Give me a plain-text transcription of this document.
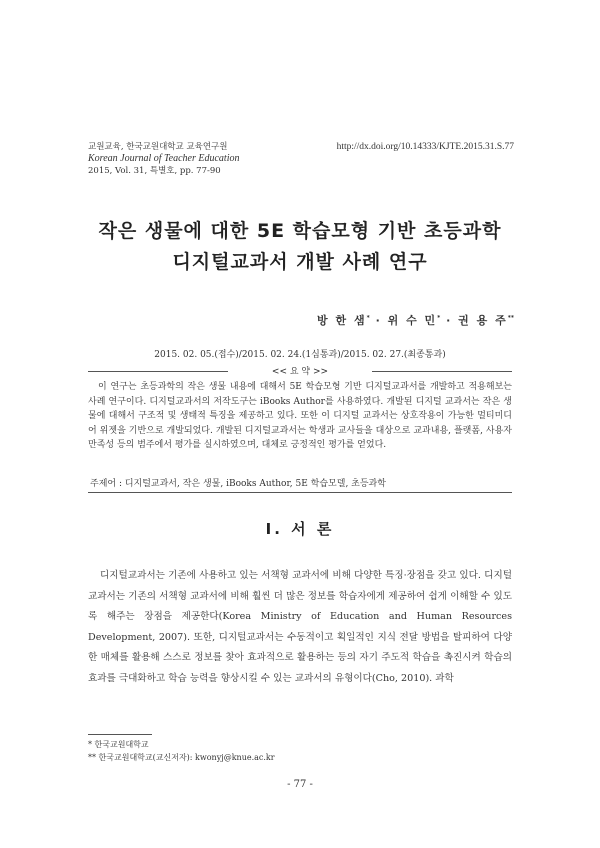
교원교육, 한국교원대학교 교육연구원
Korean Journal of Teacher Education
2015, Vol. 31, 특별호, pp. 77-90
http://dx.doi.org/10.14333/KJTE.2015.31.S.77
작은 생물에 대한 5E 학습모형 기반 초등과학
디지털교과서 개발 사례 연구
방 한 샘* · 위 수 민* · 권 용 주**
2015. 02. 05.(접수)/2015. 02. 24.(1심통과)/2015. 02. 27.(최종통과)
<< 요 약 >>
이 연구는 초등과학의 작은 생물 내용에 대해서 5E 학습모형 기반 디지털교과서를 개발하고 적용해보는 사례 연구이다. 디지털교과서의 저작도구는 iBooks Author를 사용하였다. 개발된 디지털 교과서는 작은 생물에 대해서 구조적 및 생태적 특징을 제공하고 있다. 또한 이 디지털 교과서는 상호작용이 가능한 멀티미디어 위젯을 기반으로 개발되었다. 개발된 디지털교과서는 학생과 교사들을 대상으로 교과내용, 플랫폼, 사용자 만족성 등의 범주에서 평가를 실시하였으며, 대체로 긍정적인 평가를 얻었다.
주제어 : 디지털교과서, 작은 생물, iBooks Author, 5E 학습모델, 초등과학
Ⅰ. 서 론
디지털교과서는 기존에 사용하고 있는 서책형 교과서에 비해 다양한 특징·장점을 갖고 있다. 디지털교과서는 기존의 서책형 교과서에 비해 훨씬 더 많은 정보를 학습자에게 제공하여 쉽게 이해할 수 있도록 해주는 장점을 제공한다(Korea Ministry of Education and Human Resources Development, 2007). 또한, 디지털교과서는 수동적이고 획일적인 지식 전달 방법을 탈피하여 다양한 매체를 활용해 스스로 정보를 찾아 효과적으로 활용하는 등의 자기 주도적 학습을 촉진시켜 학습의 효과를 극대화하고 학습 능력을 향상시킬 수 있는 교과서의 유형이다(Cho, 2010). 과학
* 한국교원대학교
** 한국교원대학교(교신저자): kwonyj@knue.ac.kr
- 77 -
